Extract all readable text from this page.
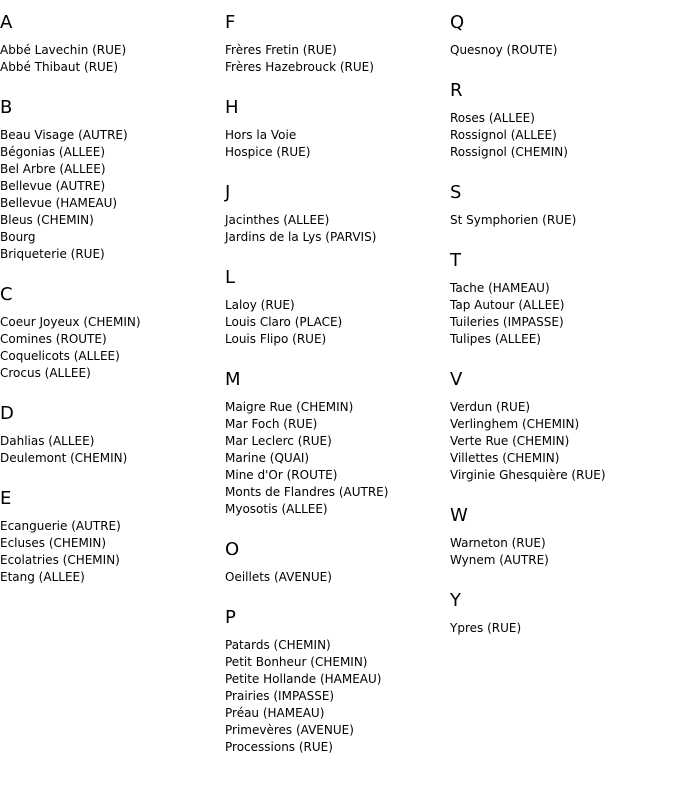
A
Abbé Lavechin (RUE)
Abbé Thibaut (RUE)
B
Beau Visage (AUTRE)
Bégonias (ALLEE)
Bel Arbre (ALLEE)
Bellevue (AUTRE)
Bellevue (HAMEAU)
Bleus (CHEMIN)
Bourg
Briqueterie (RUE)
C
Coeur Joyeux (CHEMIN)
Comines (ROUTE)
Coquelicots (ALLEE)
Crocus (ALLEE)
D
Dahlias (ALLEE)
Deulemont (CHEMIN)
E
Ecanguerie (AUTRE)
Ecluses (CHEMIN)
Ecolatries (CHEMIN)
Etang (ALLEE)
F
Frères Fretin (RUE)
Frères Hazebrouck (RUE)
H
Hors la Voie
Hospice (RUE)
J
Jacinthes (ALLEE)
Jardins de la Lys (PARVIS)
L
Laloy (RUE)
Louis Claro (PLACE)
Louis Flipo (RUE)
M
Maigre Rue (CHEMIN)
Mar Foch (RUE)
Mar Leclerc (RUE)
Marine (QUAI)
Mine d'Or (ROUTE)
Monts de Flandres (AUTRE)
Myosotis (ALLEE)
O
Oeillets (AVENUE)
P
Patards (CHEMIN)
Petit Bonheur (CHEMIN)
Petite Hollande (HAMEAU)
Prairies (IMPASSE)
Préau (HAMEAU)
Primevères (AVENUE)
Processions (RUE)
Q
Quesnoy (ROUTE)
R
Roses (ALLEE)
Rossignol (ALLEE)
Rossignol (CHEMIN)
S
St Symphorien (RUE)
T
Tache (HAMEAU)
Tap Autour (ALLEE)
Tuileries (IMPASSE)
Tulipes (ALLEE)
V
Verdun (RUE)
Verlinghem (CHEMIN)
Verte Rue (CHEMIN)
Villettes (CHEMIN)
Virginie Ghesquière (RUE)
W
Warneton (RUE)
Wynem (AUTRE)
Y
Ypres (RUE)
